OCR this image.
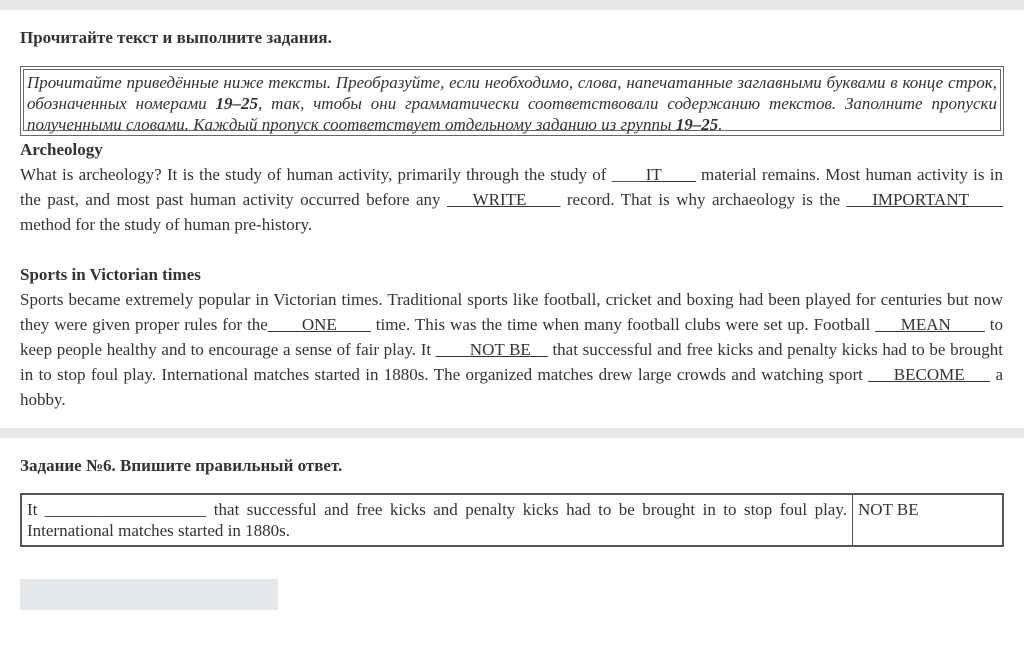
Прочитайте текст и выполните задания.
Прочитайте приведённые ниже тексты. Преобразуйте, если необходимо, слова, напечатанные заглавными буквами в конце строк, обозначенных номерами 19–25, так, чтобы они грамматически соответствовали содержанию текстов. Заполните пропуски полученными словами. Каждый пропуск соответствует отдельному заданию из группы 19–25.
Archeology
What is archeology? It is the study of human activity, primarily through the study of ____IT____ material remains. Most human activity is in the past, and most past human activity occurred before any ___WRITE____ record. That is why archaeology is the ___IMPORTANT____ method for the study of human pre-history.
Sports in Victorian times
Sports became extremely popular in Victorian times. Traditional sports like football, cricket and boxing had been played for centuries but now they were given proper rules for the____ONE____ time. This was the time when many football clubs were set up. Football ___MEAN____ to keep people healthy and to encourage a sense of fair play. It ____NOT BE__ that successful and free kicks and penalty kicks had to be brought in to stop foul play. International matches started in 1880s. The organized matches drew large crowds and watching sport ___BECOME___ a hobby.
Задание №6. Впишите правильный ответ.
It ___________________ that successful and free kicks and penalty kicks had to be brought in to stop foul play. International matches started in 1880s.	NOT BE
